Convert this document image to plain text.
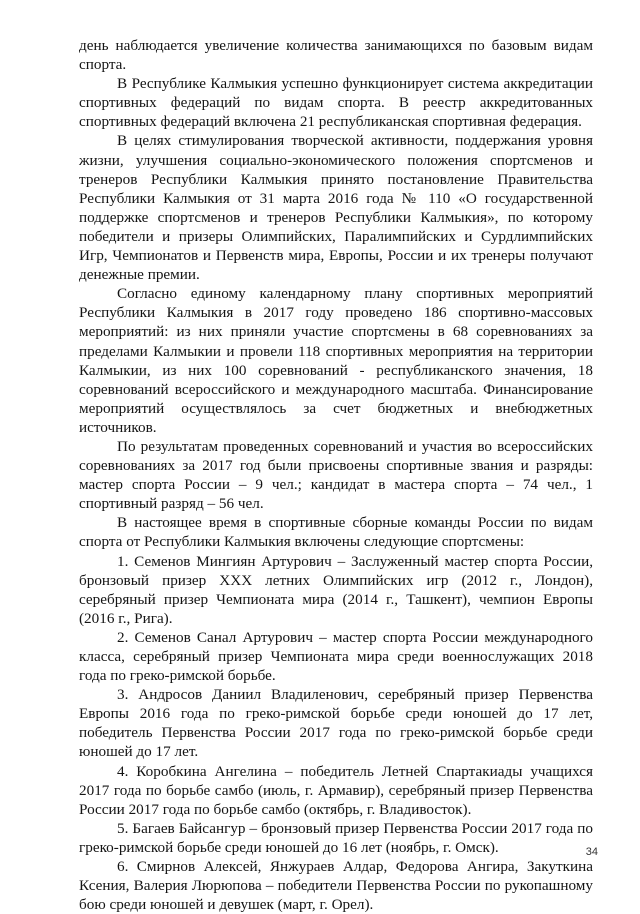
день наблюдается увеличение количества занимающихся по базовым видам спорта.

В Республике Калмыкия успешно функционирует система аккредитации спортивных федераций по видам спорта. В реестр аккредитованных спортивных федераций включена 21 республиканская спортивная федерация.

В целях стимулирования творческой активности, поддержания уровня жизни, улучшения социально-экономического положения спортсменов и тренеров Республики Калмыкия принято постановление Правительства Республики Калмыкия от 31 марта 2016 года № 110 «О государственной поддержке спортсменов и тренеров Республики Калмыкия», по которому победители и призеры Олимпийских, Паралимпийских и Сурдлимпийских Игр, Чемпионатов и Первенств мира, Европы, России и их тренеры получают денежные премии.

Согласно единому календарному плану спортивных мероприятий Республики Калмыкия в 2017 году проведено 186 спортивно-массовых мероприятий: из них приняли участие спортсмены в 68 соревнованиях за пределами Калмыкии и провели 118 спортивных мероприятия на территории Калмыкии, из них 100 соревнований - республиканского значения, 18 соревнований всероссийского и международного масштаба. Финансирование мероприятий осуществлялось за счет бюджетных и внебюджетных источников.

По результатам проведенных соревнований и участия во всероссийских соревнованиях за 2017 год были присвоены спортивные звания и разряды: мастер спорта России – 9 чел.; кандидат в мастера спорта – 74 чел., 1 спортивный разряд – 56 чел.

В настоящее время в спортивные сборные команды России по видам спорта от Республики Калмыкия включены следующие спортсмены:

1. Семенов Мингиян Артурович – Заслуженный мастер спорта России, бронзовый призер XXX летних Олимпийских игр (2012 г., Лондон), серебряный призер Чемпионата мира (2014 г., Ташкент), чемпион Европы (2016 г., Рига).

2. Семенов Санал Артурович – мастер спорта России международного класса, серебряный призер Чемпионата мира среди военнослужащих 2018 года по греко-римской борьбе.

3. Андросов Даниил Владиленович, серебряный призер Первенства Европы 2016 года по греко-римской борьбе среди юношей до 17 лет, победитель Первенства России 2017 года по греко-римской борьбе среди юношей до 17 лет.

4. Коробкина Ангелина – победитель Летней Спартакиады учащихся 2017 года по борьбе самбо (июль, г. Армавир), серебряный призер Первенства России 2017 года по борьбе самбо (октябрь, г. Владивосток).

5. Багаев Байсангур – бронзовый призер Первенства России 2017 года по греко-римской борьбе среди юношей до 16 лет (ноябрь, г. Омск).

6. Смирнов Алексей, Янжураев Алдар, Федорова Ангира, Закуткина Ксения, Валерия Люрюпова – победители Первенства России по рукопашному бою среди юношей и девушек (март, г. Орел).

34
